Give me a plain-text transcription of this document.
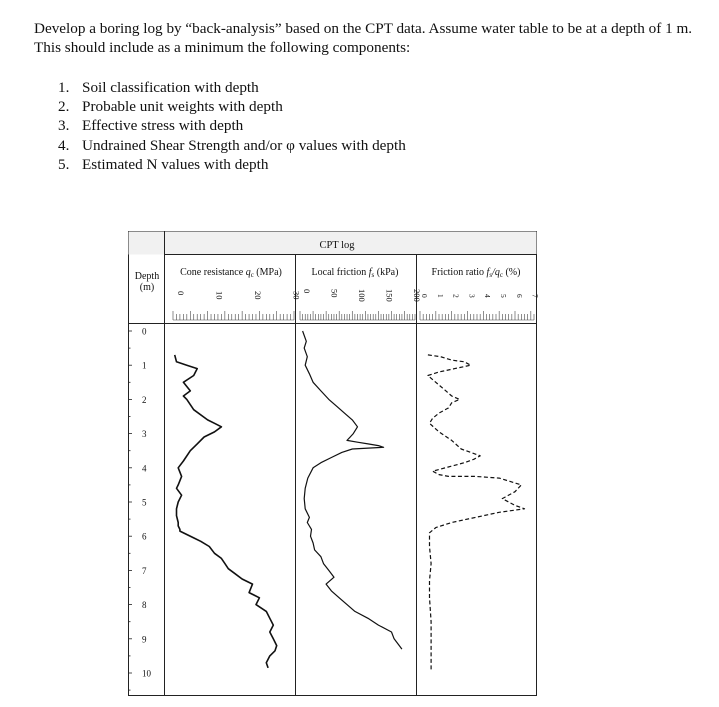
Develop a boring log by “back-analysis” based on the CPT data. Assume water table to be at a depth of 1 m. This should include as a minimum the following components:
1. Soil classification with depth
2. Probable unit weights with depth
3. Effective stress with depth
4. Undrained Shear Strength and/or φ values with depth
5. Estimated N values with depth
CPT log
Depth
(m)
Cone resistance $q_c$ (MPa)	Local friction $f_s$ (kPa)	Friction ratio $f_s/q_c$ (%)
0
1
2
3
4
5
6
7
8
9
10
0	10	20	30 0 50 100 150 200
0 1 2 3 4 5 6 7
